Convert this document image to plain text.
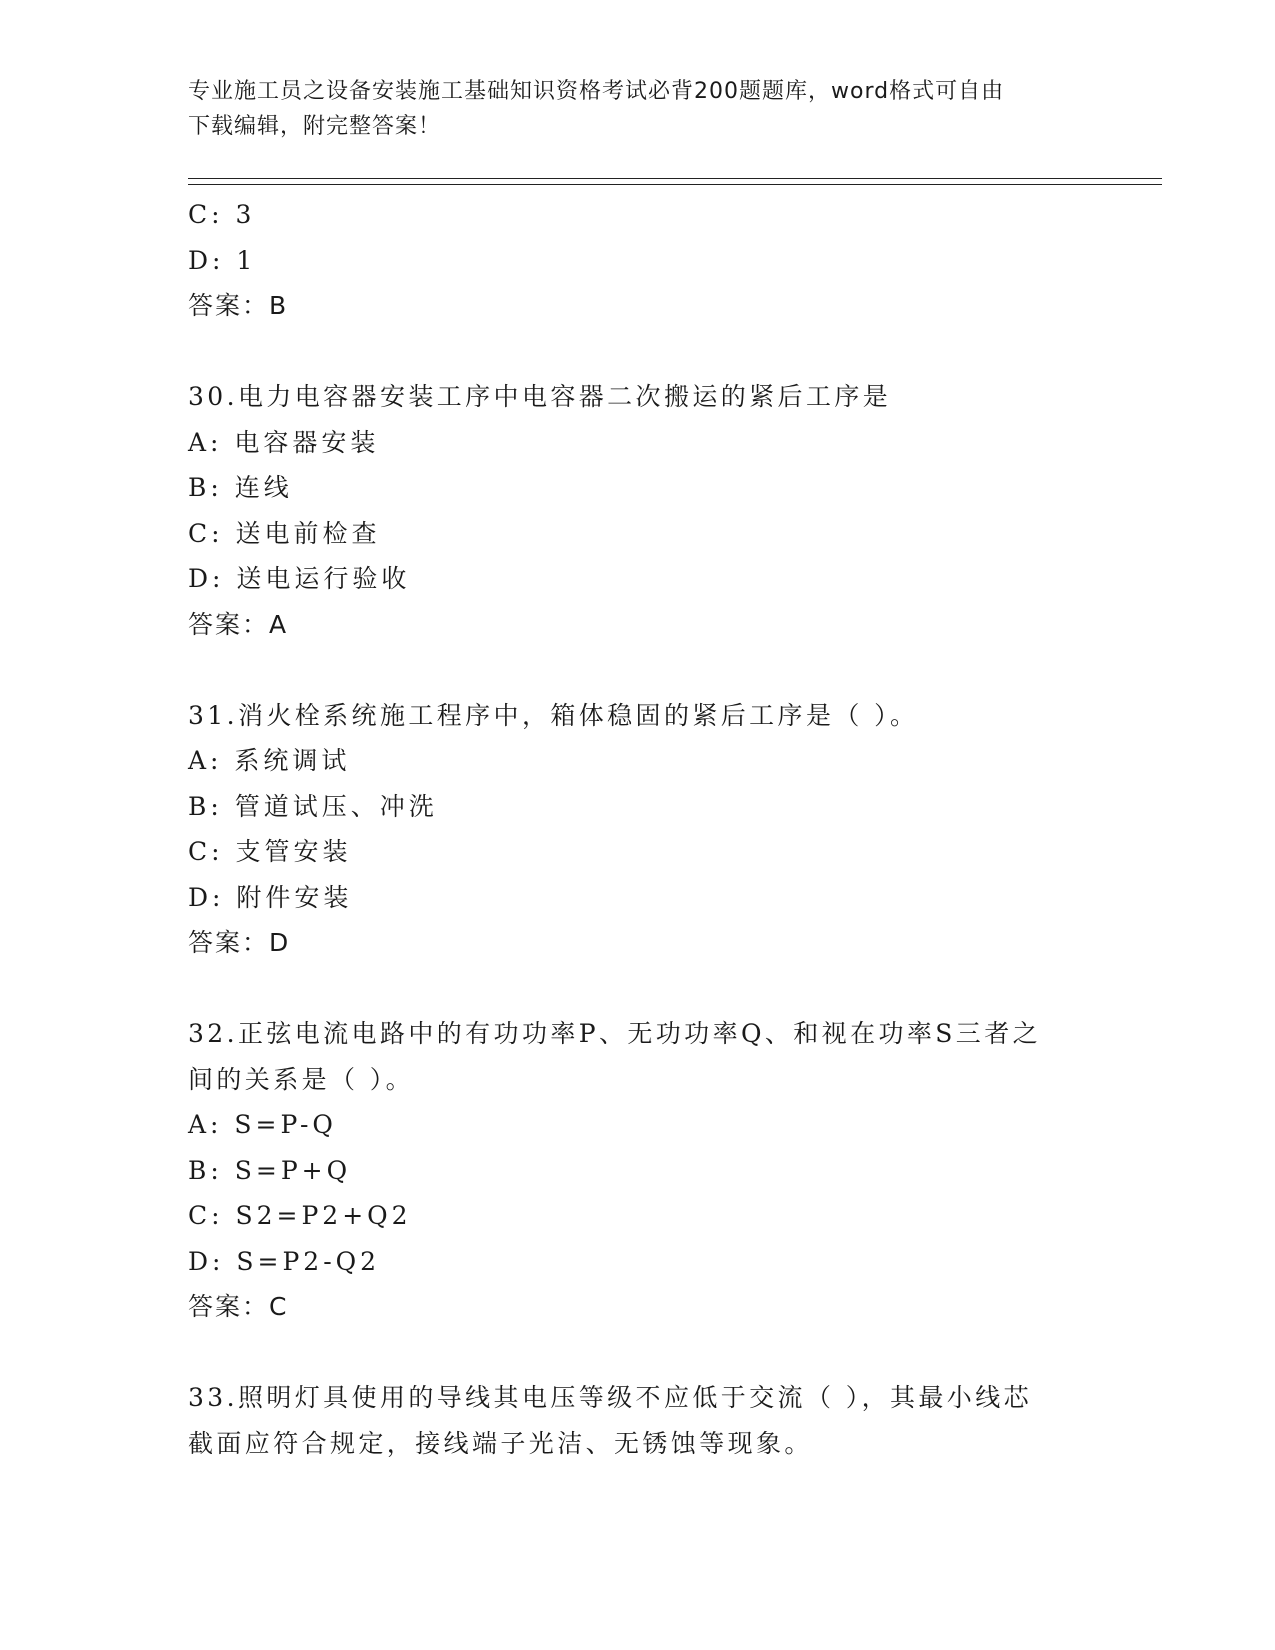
专业施工员之设备安装施工基础知识资格考试必背200题题库，word格式可自由
下载编辑，附完整答案！
C: 3
D: 1
答案：B
30.电力电容器安装工序中电容器二次搬运的紧后工序是
A: 电容器安装
B: 连线
C: 送电前检查
D: 送电运行验收
答案：A
31.消火栓系统施工程序中，箱体稳固的紧后工序是（ ）。
A: 系统调试
B: 管道试压、冲洗
C: 支管安装
D: 附件安装
答案：D
32.正弦电流电路中的有功功率P、无功功率Q、和视在功率S三者之
间的关系是（ ）。
A: S=P-Q
B: S=P+Q
C: S2=P2+Q2
D: S=P2-Q2
答案：C
33.照明灯具使用的导线其电压等级不应低于交流（ ），其最小线芯
截面应符合规定，接线端子光洁、无锈蚀等现象。
